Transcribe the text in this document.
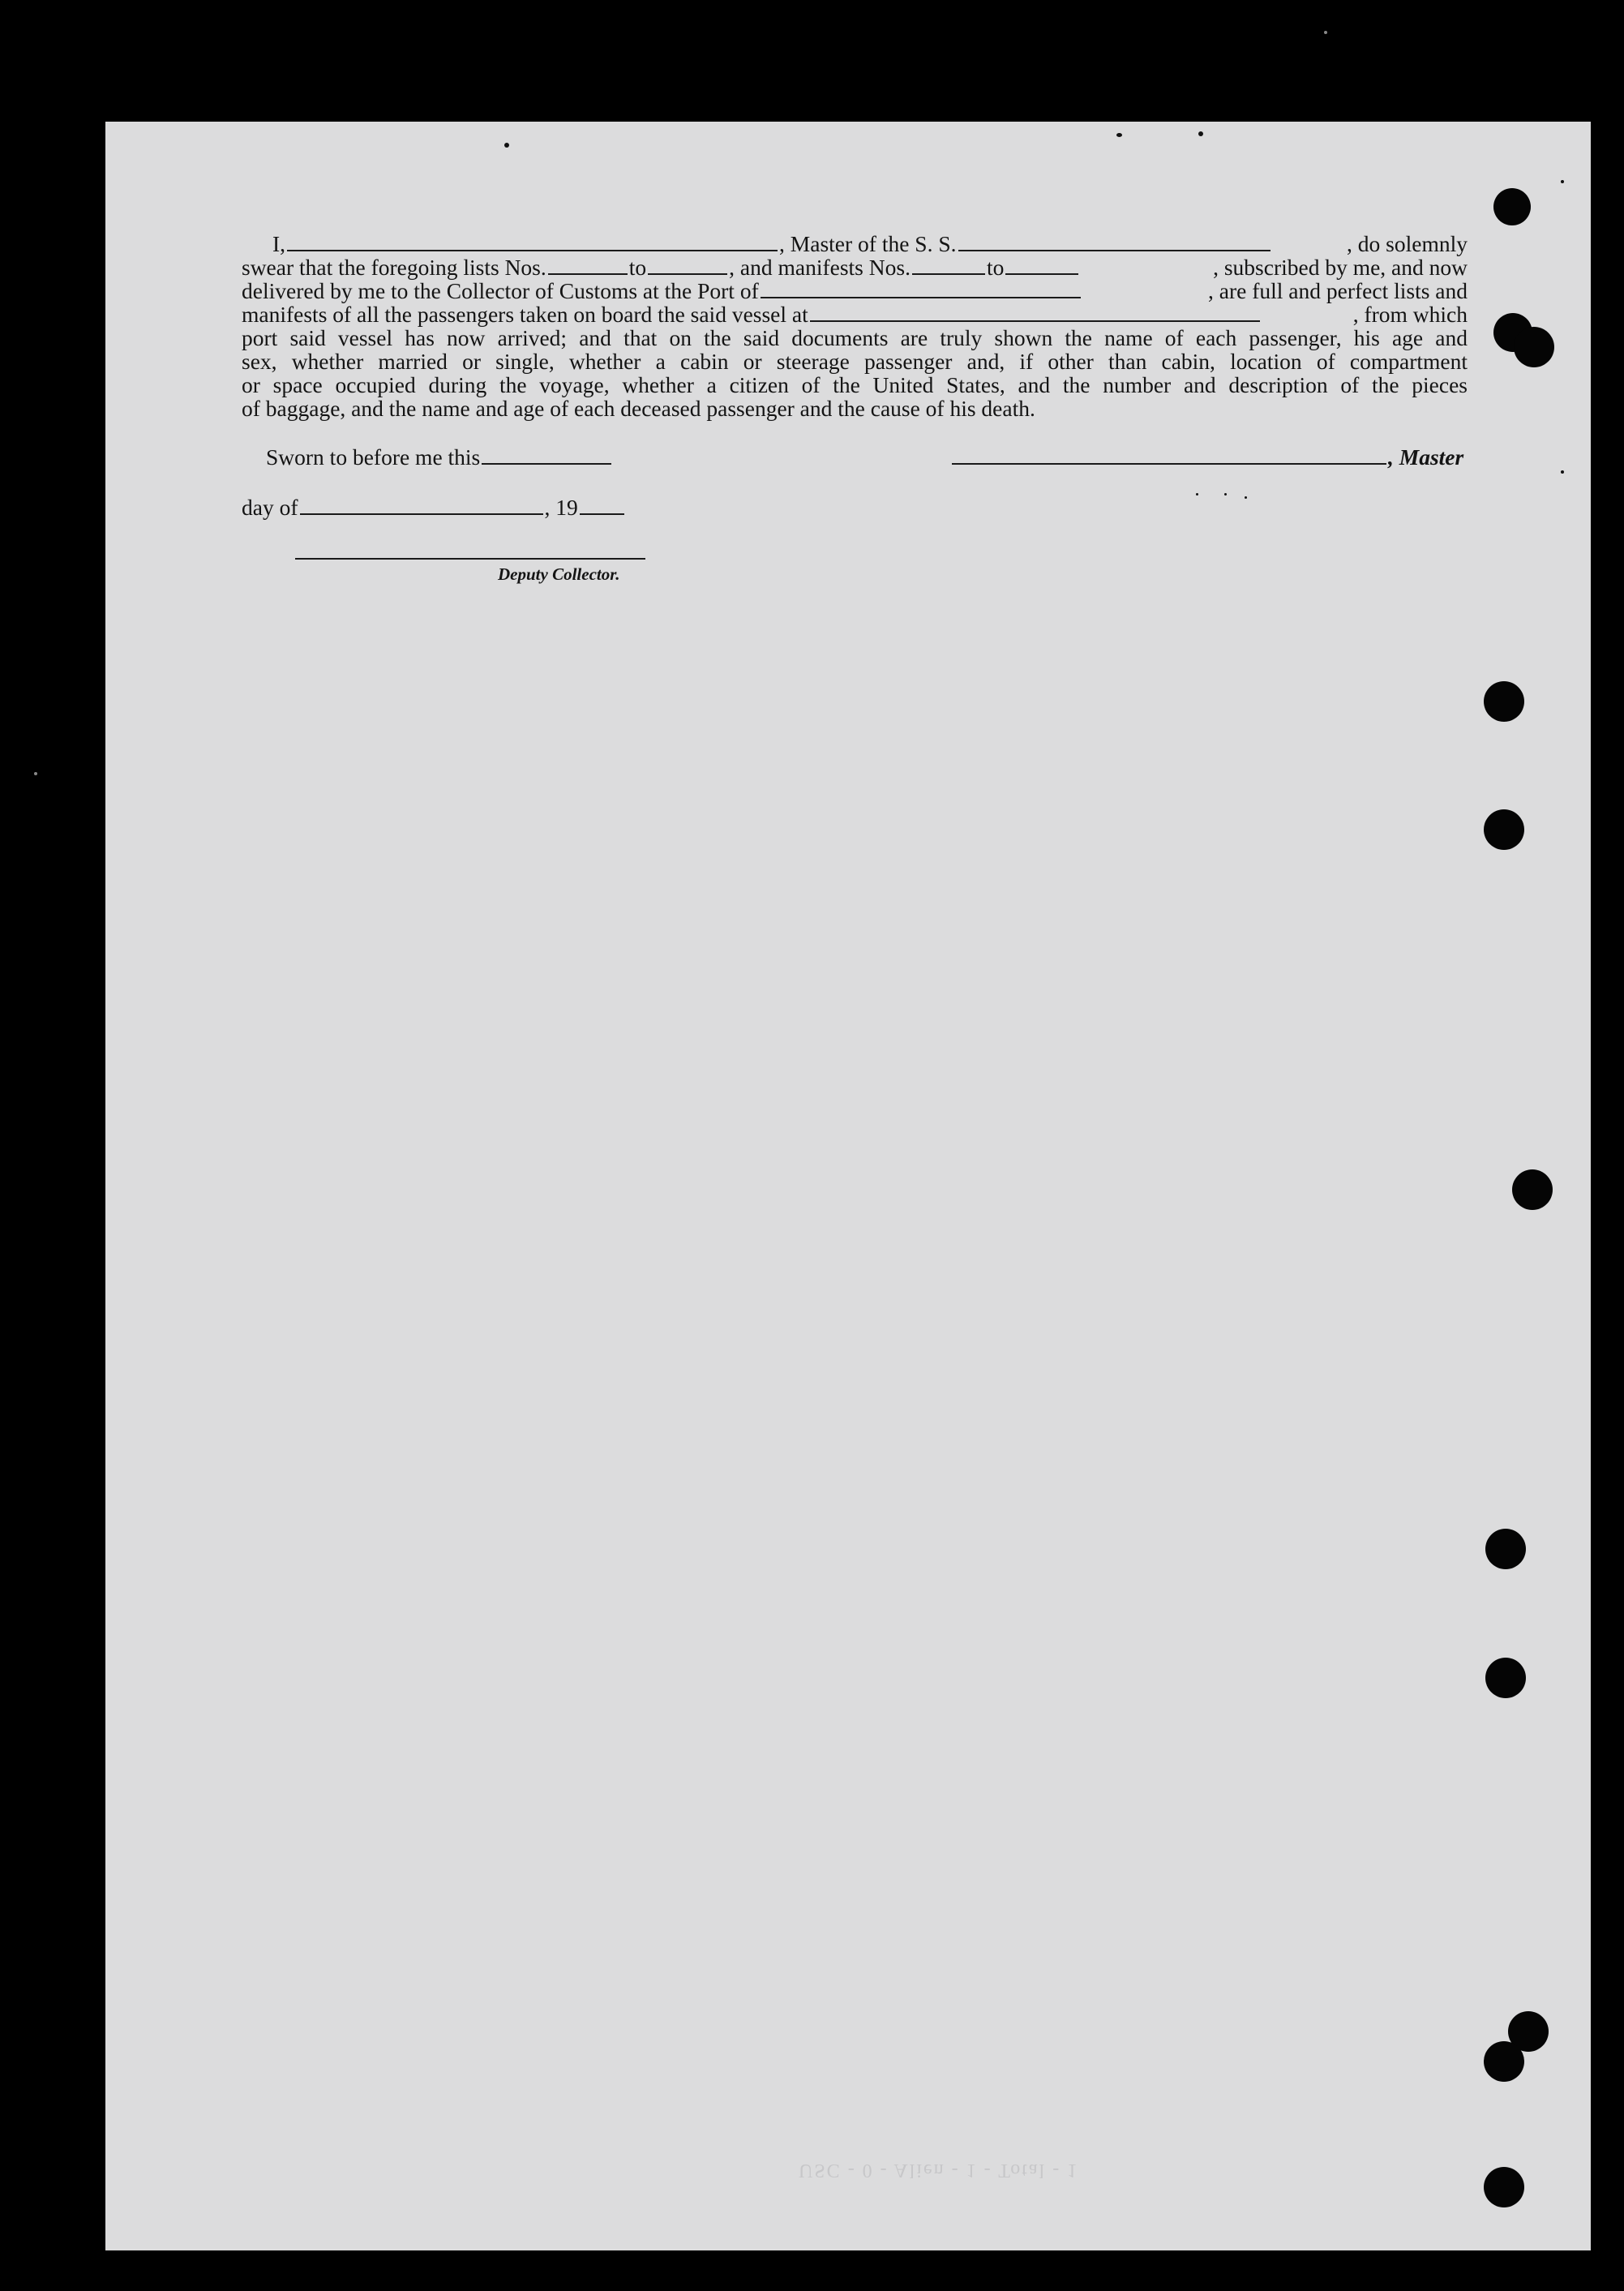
I,	, Master of the S. S.	, do solemnly
swear that the foregoing lists Nos.	to	, and manifests Nos.	to	, subscribed by me, and now
delivered by me to the Collector of Customs at the Port of	, are full and perfect lists and
manifests of all the passengers taken on board the said vessel at	, from which
port said vessel has now arrived; and that on the said documents are truly shown the name of each passenger, his age and
sex, whether married or single, whether a cabin or steerage passenger and, if other than cabin, location of compartment
or space occupied during the voyage, whether a citizen of the United States, and the number and description of the pieces
of baggage, and the name and age of each deceased passenger and the cause of his death.
Sworn to before me this	, Master
day of	, 19
Deputy Collector.
USC - 0 - Alien - 1 - Total - 1
